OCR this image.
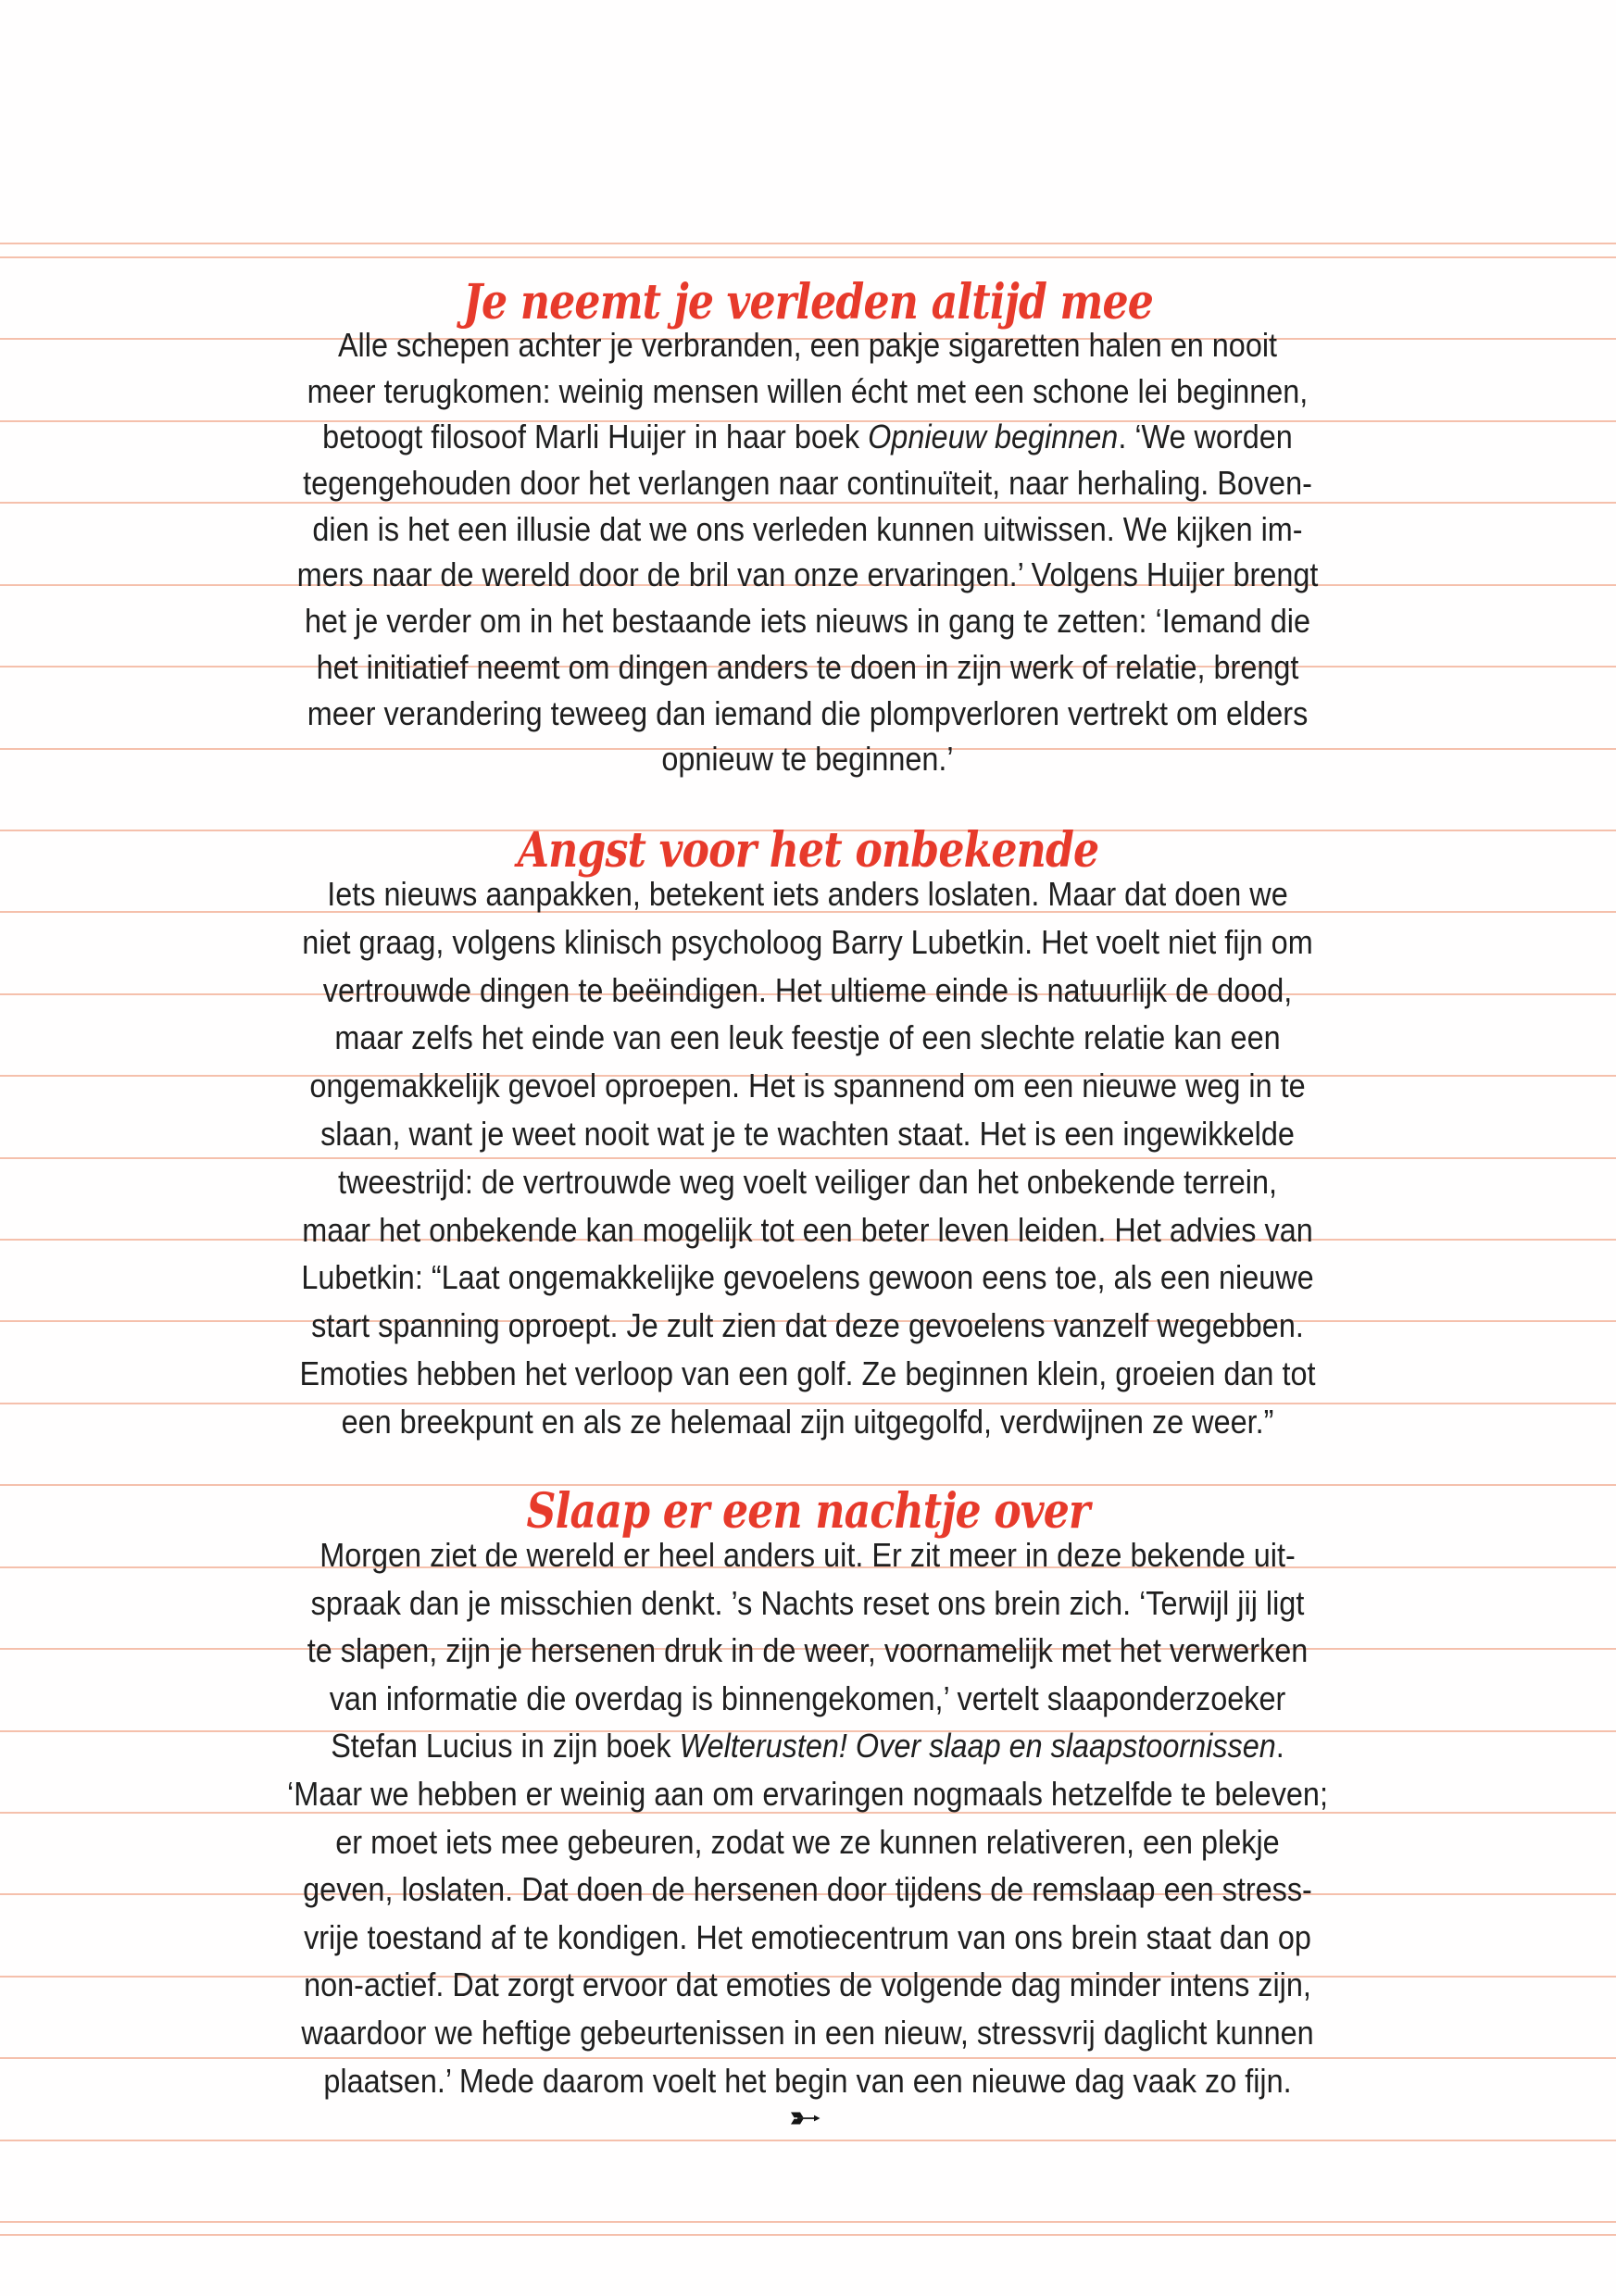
Je neemt je verleden altijd mee
Alle schepen achter je verbranden, een pakje sigaretten halen en nooit
meer terugkomen: weinig mensen willen écht met een schone lei beginnen,
betoogt filosoof Marli Huijer in haar boek Opnieuw beginnen. ‘We worden
tegengehouden door het verlangen naar continuïteit, naar herhaling. Boven-
dien is het een illusie dat we ons verleden kunnen uitwissen. We kijken im-
mers naar de wereld door de bril van onze ervaringen.’ Volgens Huijer brengt
het je verder om in het bestaande iets nieuws in gang te zetten: ‘Iemand die
het initiatief neemt om dingen anders te doen in zijn werk of relatie, brengt
meer verandering teweeg dan iemand die plompverloren vertrekt om elders
opnieuw te beginnen.’
Angst voor het onbekende
Iets nieuws aanpakken, betekent iets anders loslaten. Maar dat doen we
niet graag, volgens klinisch psycholoog Barry Lubetkin. Het voelt niet fijn om
vertrouwde dingen te beëindigen. Het ultieme einde is natuurlijk de dood,
maar zelfs het einde van een leuk feestje of een slechte relatie kan een
ongemakkelijk gevoel oproepen. Het is spannend om een nieuwe weg in te
slaan, want je weet nooit wat je te wachten staat. Het is een ingewikkelde
tweestrijd: de vertrouwde weg voelt veiliger dan het onbekende terrein,
maar het onbekende kan mogelijk tot een beter leven leiden. Het advies van
Lubetkin: “Laat ongemakkelijke gevoelens gewoon eens toe, als een nieuwe
start spanning oproept. Je zult zien dat deze gevoelens vanzelf wegebben.
Emoties hebben het verloop van een golf. Ze beginnen klein, groeien dan tot
een breekpunt en als ze helemaal zijn uitgegolfd, verdwijnen ze weer.”
Slaap er een nachtje over
Morgen ziet de wereld er heel anders uit. Er zit meer in deze bekende uit-
spraak dan je misschien denkt. ’s Nachts reset ons brein zich. ‘Terwijl jij ligt
te slapen, zijn je hersenen druk in de weer, voornamelijk met het verwerken
van informatie die overdag is binnengekomen,’ vertelt slaaponderzoeker
Stefan Lucius in zijn boek Welterusten! Over slaap en slaapstoornissen.
‘Maar we hebben er weinig aan om ervaringen nogmaals hetzelfde te beleven;
er moet iets mee gebeuren, zodat we ze kunnen relativeren, een plekje
geven, loslaten. Dat doen de hersenen door tijdens de remslaap een stress-
vrije toestand af te kondigen. Het emotiecentrum van ons brein staat dan op
non-actief. Dat zorgt ervoor dat emoties de volgende dag minder intens zijn,
waardoor we heftige gebeurtenissen in een nieuw, stressvrij daglicht kunnen
plaatsen.’ Mede daarom voelt het begin van een nieuwe dag vaak zo fijn.
